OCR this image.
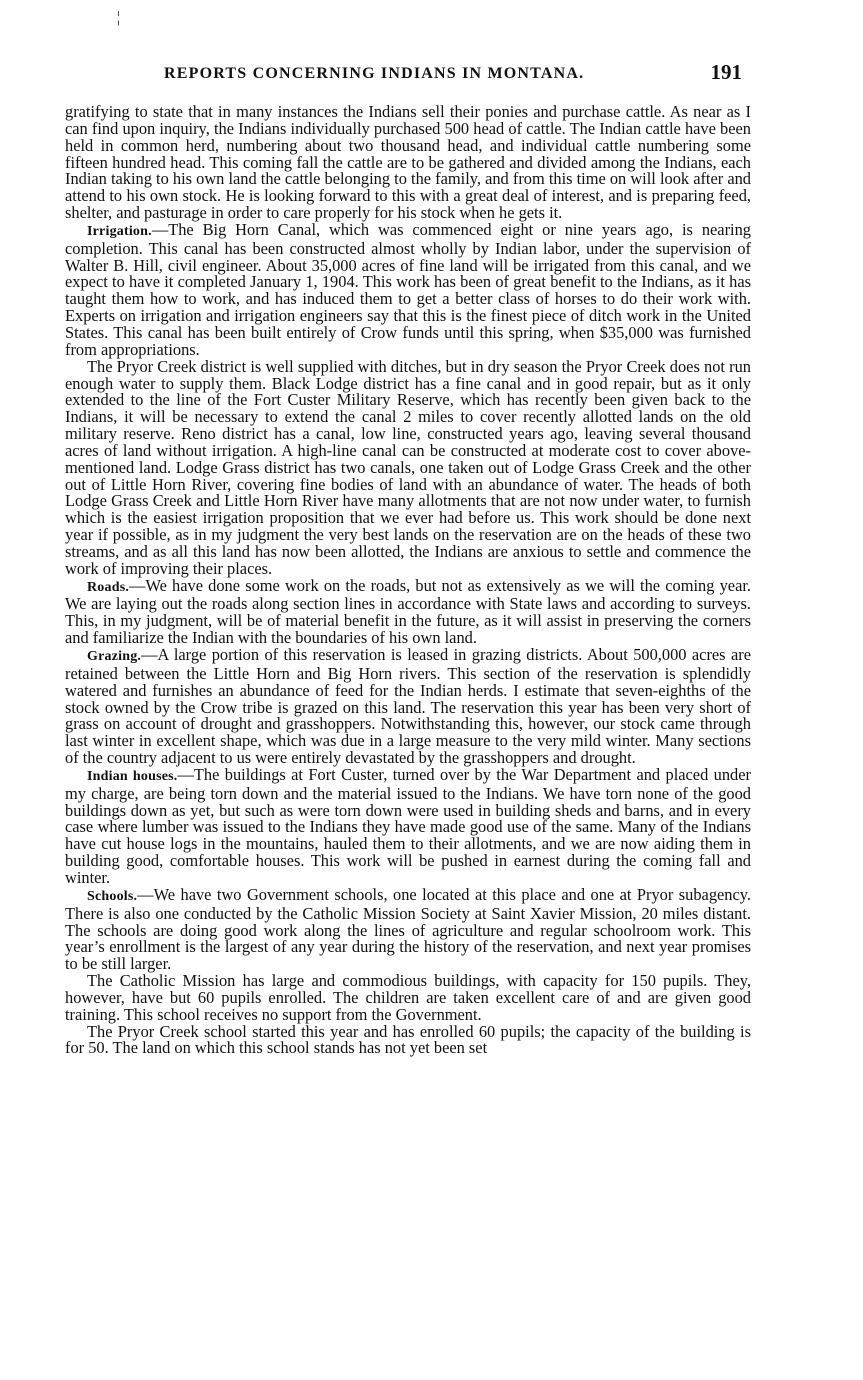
¦
REPORTS CONCERNING INDIANS IN MONTANA.	191

gratifying to state that in many instances the Indians sell their ponies and purchase cattle. As near as I can find upon inquiry, the Indians individually purchased 500 head of cattle. The Indian cattle have been held in common herd, numbering about two thousand head, and individual cattle numbering some fifteen hundred head. This coming fall the cattle are to be gathered and divided among the Indians, each Indian taking to his own land the cattle belonging to the family, and from this time on will look after and attend to his own stock. He is looking forward to this with a great deal of interest, and is preparing feed, shelter, and pasturage in order to care properly for his stock when he gets it.

Irrigation.—The Big Horn Canal, which was commenced eight or nine years ago, is nearing completion. This canal has been constructed almost wholly by Indian labor, under the supervision of Walter B. Hill, civil engineer. About 35,000 acres of fine land will be irrigated from this canal, and we expect to have it completed January 1, 1904. This work has been of great benefit to the Indians, as it has taught them how to work, and has induced them to get a better class of horses to do their work with. Experts on irrigation and irrigation engineers say that this is the finest piece of ditch work in the United States. This canal has been built entirely of Crow funds until this spring, when $35,000 was furnished from appropriations.

The Pryor Creek district is well supplied with ditches, but in dry season the Pryor Creek does not run enough water to supply them. Black Lodge district has a fine canal and in good repair, but as it only extended to the line of the Fort Custer Military Reserve, which has recently been given back to the Indians, it will be necessary to extend the canal 2 miles to cover recently allotted lands on the old military reserve. Reno district has a canal, low line, constructed years ago, leaving several thousand acres of land without irrigation. A high-line canal can be constructed at moderate cost to cover above-mentioned land. Lodge Grass district has two canals, one taken out of Lodge Grass Creek and the other out of Little Horn River, covering fine bodies of land with an abundance of water. The heads of both Lodge Grass Creek and Little Horn River have many allotments that are not now under water, to furnish which is the easiest irrigation proposition that we ever had before us. This work should be done next year if possible, as in my judgment the very best lands on the reservation are on the heads of these two streams, and as all this land has now been allotted, the Indians are anxious to settle and commence the work of improving their places.

Roads.—We have done some work on the roads, but not as extensively as we will the coming year. We are laying out the roads along section lines in accordance with State laws and according to surveys. This, in my judgment, will be of material benefit in the future, as it will assist in preserving the corners and familiarize the Indian with the boundaries of his own land.

Grazing.—A large portion of this reservation is leased in grazing districts. About 500,000 acres are retained between the Little Horn and Big Horn rivers. This section of the reservation is splendidly watered and furnishes an abundance of feed for the Indian herds. I estimate that seven-eighths of the stock owned by the Crow tribe is grazed on this land. The reservation this year has been very short of grass on account of drought and grasshoppers. Notwithstanding this, however, our stock came through last winter in excellent shape, which was due in a large measure to the very mild winter. Many sections of the country adjacent to us were entirely devastated by the grasshoppers and drought.

Indian houses.—The buildings at Fort Custer, turned over by the War Department and placed under my charge, are being torn down and the material issued to the Indians. We have torn none of the good buildings down as yet, but such as were torn down were used in building sheds and barns, and in every case where lumber was issued to the Indians they have made good use of the same. Many of the Indians have cut house logs in the mountains, hauled them to their allotments, and we are now aiding them in building good, comfortable houses. This work will be pushed in earnest during the coming fall and winter.

Schools.—We have two Government schools, one located at this place and one at Pryor subagency. There is also one conducted by the Catholic Mission Society at Saint Xavier Mission, 20 miles distant. The schools are doing good work along the lines of agriculture and regular schoolroom work. This year’s enrollment is the largest of any year during the history of the reservation, and next year promises to be still larger.

The Catholic Mission has large and commodious buildings, with capacity for 150 pupils. They, however, have but 60 pupils enrolled. The children are taken excellent care of and are given good training. This school receives no support from the Government.

The Pryor Creek school started this year and has enrolled 60 pupils; the capacity of the building is for 50. The land on which this school stands has not yet been set
